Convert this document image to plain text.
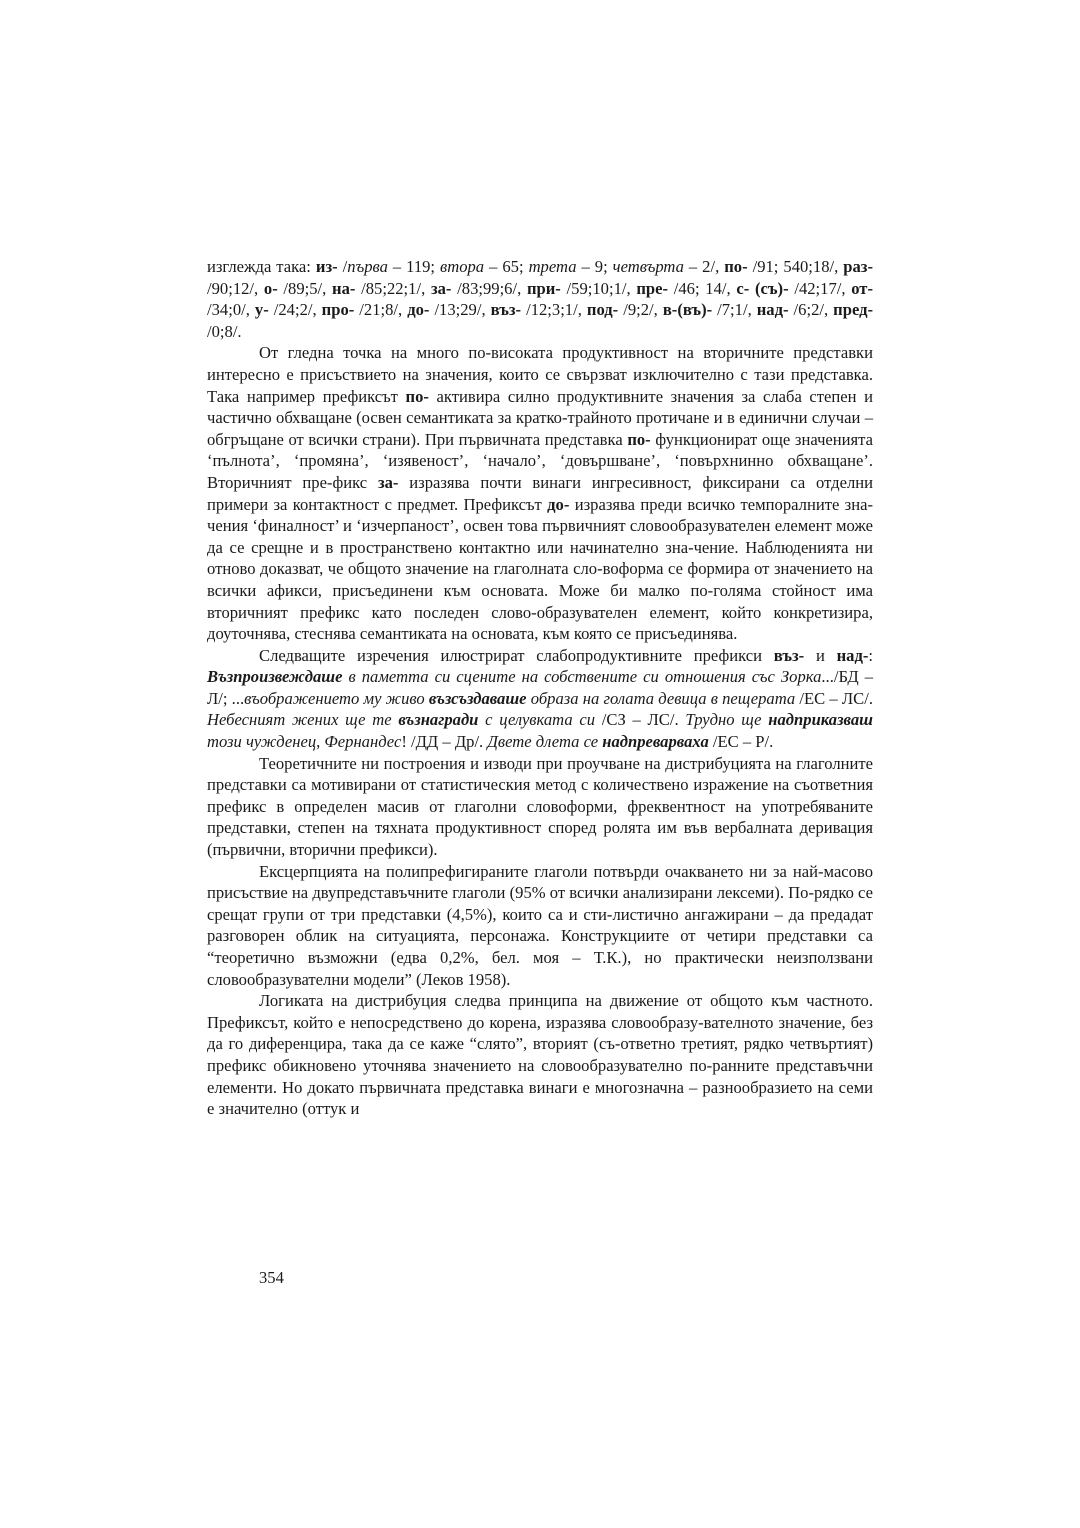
изглежда така: из- /първа – 119; втора – 65; трета – 9; четвърта – 2/, по- /91; 540;18/, раз- /90;12/, о- /89;5/, на- /85;22;1/, за- /83;99;6/, при- /59;10;1/, пре- /46; 14/, с- (съ)- /42;17/, от- /34;0/, у- /24;2/, про- /21;8/, до- /13;29/, въз- /12;3;1/, под- /9;2/, в-(въ)- /7;1/, над- /6;2/, пред- /0;8/.

От гледна точка на много по-високата продуктивност на вторичните представки интересно е присъствието на значения, които се свързват изключително с тази представка. Така например префиксът по- активира силно продуктивните значения за слаба степен и частично обхващане (освен семантиката за кратко-трайното протичане и в единични случаи – обгръщане от всички страни). При първичната представка по- функционират още значенията ‘пълнота’, ‘промяна’, ‘изявеност’, ‘начало’, ‘довършване’, ‘повърхнинно обхващане’. Вторичният пре-фикс за- изразява почти винаги ингресивност, фиксирани са отделни примери за контактност с предмет. Префиксът до- изразява преди всичко темпоралните зна-чения ‘финалност’ и ‘изчерпаност’, освен това първичният словообразувателен елемент може да се срещне и в пространствено контактно или начинателно зна-чение. Наблюденията ни отново доказват, че общото значение на глаголната сло-воформа се формира от значението на всички афикси, присъединени към основата. Може би малко по-голяма стойност има вторичният префикс като последен слово-образувателен елемент, който конкретизира, доуточнява, стеснява семантиката на основата, към която се присъединява.

Следващите изречения илюстрират слабопродуктивните префикси въз- и над-: Възпроизвеждаше в паметта си сцените на собствените си отношения със Зорка.../БД – Л/; ...въображението му живо възсъздаваше образа на голата девица в пещерата /ЕС – ЛС/. Небесният жених ще те възнагради с целувката си /СЗ – ЛС/. Трудно ще надприказваш този чужденец, Фернандес! /ДД – Др/. Двете длета се надпреварваха /ЕС – Р/.

Теоретичните ни построения и изводи при проучване на дистрибуцията на глаголните представки са мотивирани от статистическия метод с количествено изражение на съответния префикс в определен масив от глаголни словоформи, фреквентност на употребяваните представки, степен на тяхната продуктивност според ролята им във вербалната деривация (първични, вторични префикси).

Ексцерпцията на полипрефигираните глаголи потвърди очакването ни за най-масово присъствие на двупредставъчните глаголи (95% от всички анализирани лексеми). По-рядко се срещат групи от три представки (4,5%), които са и сти-листично ангажирани – да предадат разговорен облик на ситуацията, персонажа. Конструкциите от четири представки са “теоретично възможни (едва 0,2%, бел. моя – Т.К.), но практически неизползвани словообразувателни модели” (Леков 1958).

Логиката на дистрибуция следва принципа на движение от общото към частното. Префиксът, който е непосредствено до корена, изразява словообразу-вателното значение, без да го диференцира, така да се каже “слято”, вторият (съ-ответно третият, рядко четвъртият) префикс обикновено уточнява значението на словообразувателно по-ранните представъчни елементи. Но докато първичната представка винаги е многозначна – разнообразието на семи е значително (оттук и

354
